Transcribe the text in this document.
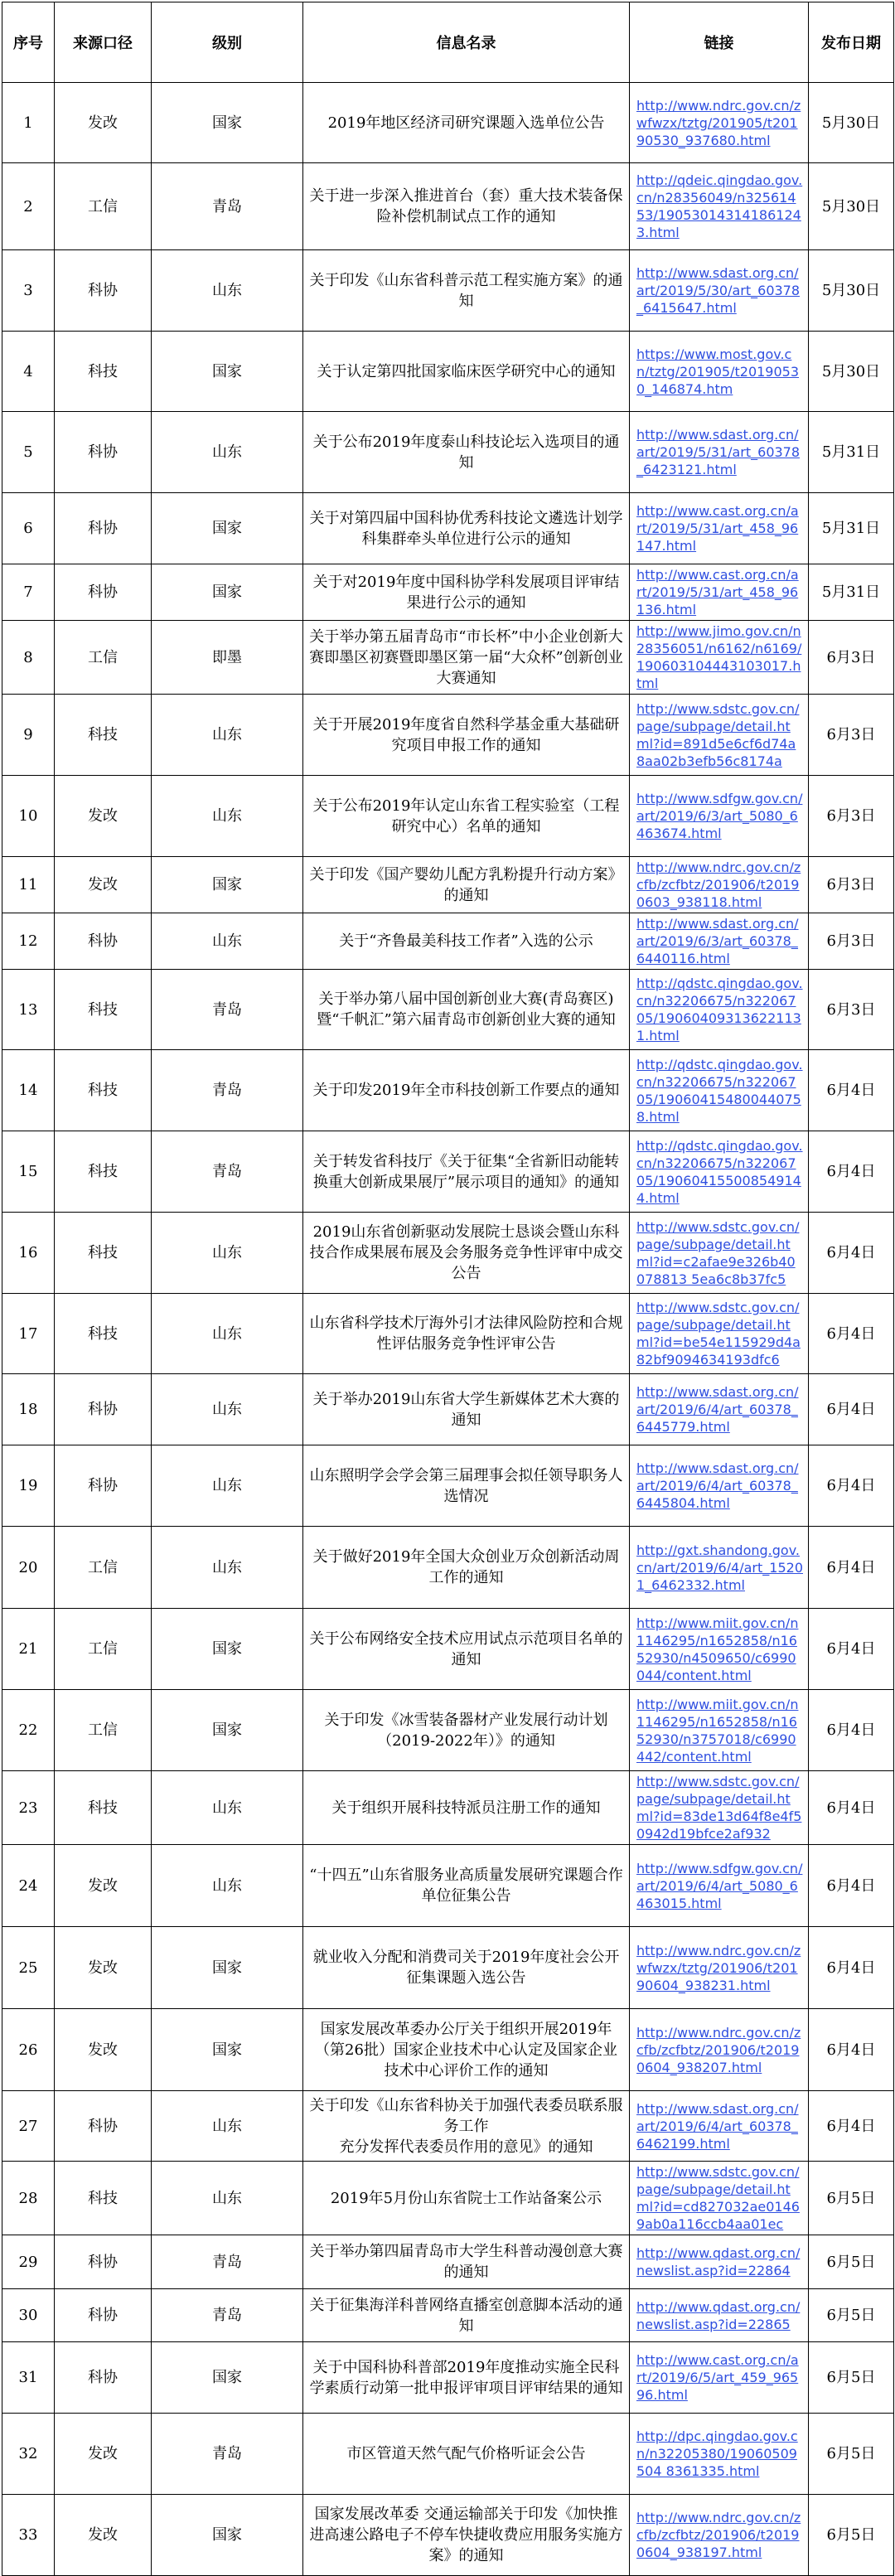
序号	来源口径	级别	信息名录	链接	发布日期
1	发改	国家	2019年地区经济司研究课题入选单位公告	http://www.ndrc.gov.cn/zwfwzx/tztg/201905/t20190530_937680.html	5月30日
2	工信	青岛	关于进一步深入推进首台（套）重大技术装备保险补偿机制试点工作的通知	http://qdeic.qingdao.gov.cn/n28356049/n32561453/190530143141861243.html	5月30日
3	科协	山东	关于印发《山东省科普示范工程实施方案》的通知	http://www.sdast.org.cn/art/2019/5/30/art_60378_6415647.html	5月30日
4	科技	国家	关于认定第四批国家临床医学研究中心的通知	https://www.most.gov.cn/tztg/201905/t20190530_146874.htm	5月30日
5	科协	山东	关于公布2019年度泰山科技论坛入选项目的通知	http://www.sdast.org.cn/art/2019/5/31/art_60378_6423121.html	5月31日
6	科协	国家	关于对第四届中国科协优秀科技论文遴选计划学科集群牵头单位进行公示的通知	http://www.cast.org.cn/art/2019/5/31/art_458_96147.html	5月31日
7	科协	国家	关于对2019年度中国科协学科发展项目评审结果进行公示的通知	http://www.cast.org.cn/art/2019/5/31/art_458_96136.html	5月31日
8	工信	即墨	关于举办第五届青岛市“市长杯”中小企业创新大赛即墨区初赛暨即墨区第一届“大众杯”创新创业大赛通知	http://www.jimo.gov.cn/n28356051/n6162/n6169/190603104443103017.html	6月3日
9	科技	山东	关于开展2019年度省自然科学基金重大基础研究项目申报工作的通知	http://www.sdstc.gov.cn/page/subpage/detail.html?id=891d5e6cf6d74a8aa02b3efb56c8174a	6月3日
10	发改	山东	关于公布2019年认定山东省工程实验室（工程研究中心）名单的通知	http://www.sdfgw.gov.cn/art/2019/6/3/art_5080_6463674.html	6月3日
11	发改	国家	关于印发《国产婴幼儿配方乳粉提升行动方案》的通知	http://www.ndrc.gov.cn/zcfb/zcfbtz/201906/t20190603_938118.html	6月3日
12	科协	山东	关于“齐鲁最美科技工作者”入选的公示	http://www.sdast.org.cn/art/2019/6/3/art_60378_6440116.html	6月3日
13	科技	青岛	关于举办第八届中国创新创业大赛(青岛赛区)暨“千帆汇”第六届青岛市创新创业大赛的通知	http://qdstc.qingdao.gov.cn/n32206675/n32206705/190604093136221131.html	6月3日
14	科技	青岛	关于印发2019年全市科技创新工作要点的通知	http://qdstc.qingdao.gov.cn/n32206675/n32206705/190604154800440758.html	6月4日
15	科技	青岛	关于转发省科技厅《关于征集“全省新旧动能转换重大创新成果展厅”展示项目的通知》的通知	http://qdstc.qingdao.gov.cn/n32206675/n32206705/190604155008549144.html	6月4日
16	科技	山东	2019山东省创新驱动发展院士恳谈会暨山东科技合作成果展布展及会务服务竞争性评审中成交公告	http://www.sdstc.gov.cn/page/subpage/detail.html?id=c2afae9e326b40078813 5ea6c8b37fc5	6月4日
17	科技	山东	山东省科学技术厅海外引才法律风险防控和合规性评估服务竞争性评审公告	http://www.sdstc.gov.cn/page/subpage/detail.html?id=be54e115929d4a82bf9094634193dfc6	6月4日
18	科协	山东	关于举办2019山东省大学生新媒体艺术大赛的通知	http://www.sdast.org.cn/art/2019/6/4/art_60378_6445779.html	6月4日
19	科协	山东	山东照明学会学会第三届理事会拟任领导职务人选情况	http://www.sdast.org.cn/art/2019/6/4/art_60378_6445804.html	6月4日
20	工信	山东	关于做好2019年全国大众创业万众创新活动周工作的通知	http://gxt.shandong.gov.cn/art/2019/6/4/art_15201_6462332.html	6月4日
21	工信	国家	关于公布网络安全技术应用试点示范项目名单的通知	http://www.miit.gov.cn/n1146295/n1652858/n1652930/n4509650/c6990044/content.html	6月4日
22	工信	国家	关于印发《冰雪装备器材产业发展行动计划（2019-2022年）》的通知	http://www.miit.gov.cn/n1146295/n1652858/n1652930/n3757018/c6990442/content.html	6月4日
23	科技	山东	关于组织开展科技特派员注册工作的通知	http://www.sdstc.gov.cn/page/subpage/detail.html?id=83de13d64f8e4f50942d19bfce2af932	6月4日
24	发改	山东	“十四五”山东省服务业高质量发展研究课题合作单位征集公告	http://www.sdfgw.gov.cn/art/2019/6/4/art_5080_6463015.html	6月4日
25	发改	国家	就业收入分配和消费司关于2019年度社会公开征集课题入选公告	http://www.ndrc.gov.cn/zwfwzx/tztg/201906/t20190604_938231.html	6月4日
26	发改	国家	国家发展改革委办公厅关于组织开展2019年（第26批）国家企业技术中心认定及国家企业技术中心评价工作的通知	http://www.ndrc.gov.cn/zcfb/zcfbtz/201906/t20190604_938207.html	6月4日
27	科协	山东	关于印发《山东省科协关于加强代表委员联系服务工作
充分发挥代表委员作用的意见》的通知	http://www.sdast.org.cn/art/2019/6/4/art_60378_6462199.html	6月4日
28	科技	山东	2019年5月份山东省院士工作站备案公示	http://www.sdstc.gov.cn/page/subpage/detail.html?id=cd827032ae01469ab0a116ccb4aa01ec	6月5日
29	科协	青岛	关于举办第四届青岛市大学生科普动漫创意大赛的通知	http://www.qdast.org.cn/newslist.asp?id=22864	6月5日
30	科协	青岛	关于征集海洋科普网络直播室创意脚本活动的通知	http://www.qdast.org.cn/newslist.asp?id=22865	6月5日
31	科协	国家	关于中国科协科普部2019年度推动实施全民科学素质行动第一批申报评审项目评审结果的通知	http://www.cast.org.cn/art/2019/6/5/art_459_96596.html	6月5日
32	发改	青岛	市区管道天然气配气价格听证会公告	http://dpc.qingdao.gov.cn/n32205380/19060509504 8361335.html	6月5日
33	发改	国家	国家发展改革委 交通运输部关于印发《加快推进高速公路电子不停车快捷收费应用服务实施方案》的通知	http://www.ndrc.gov.cn/zcfb/zcfbtz/201906/t20190604_938197.html	6月5日
